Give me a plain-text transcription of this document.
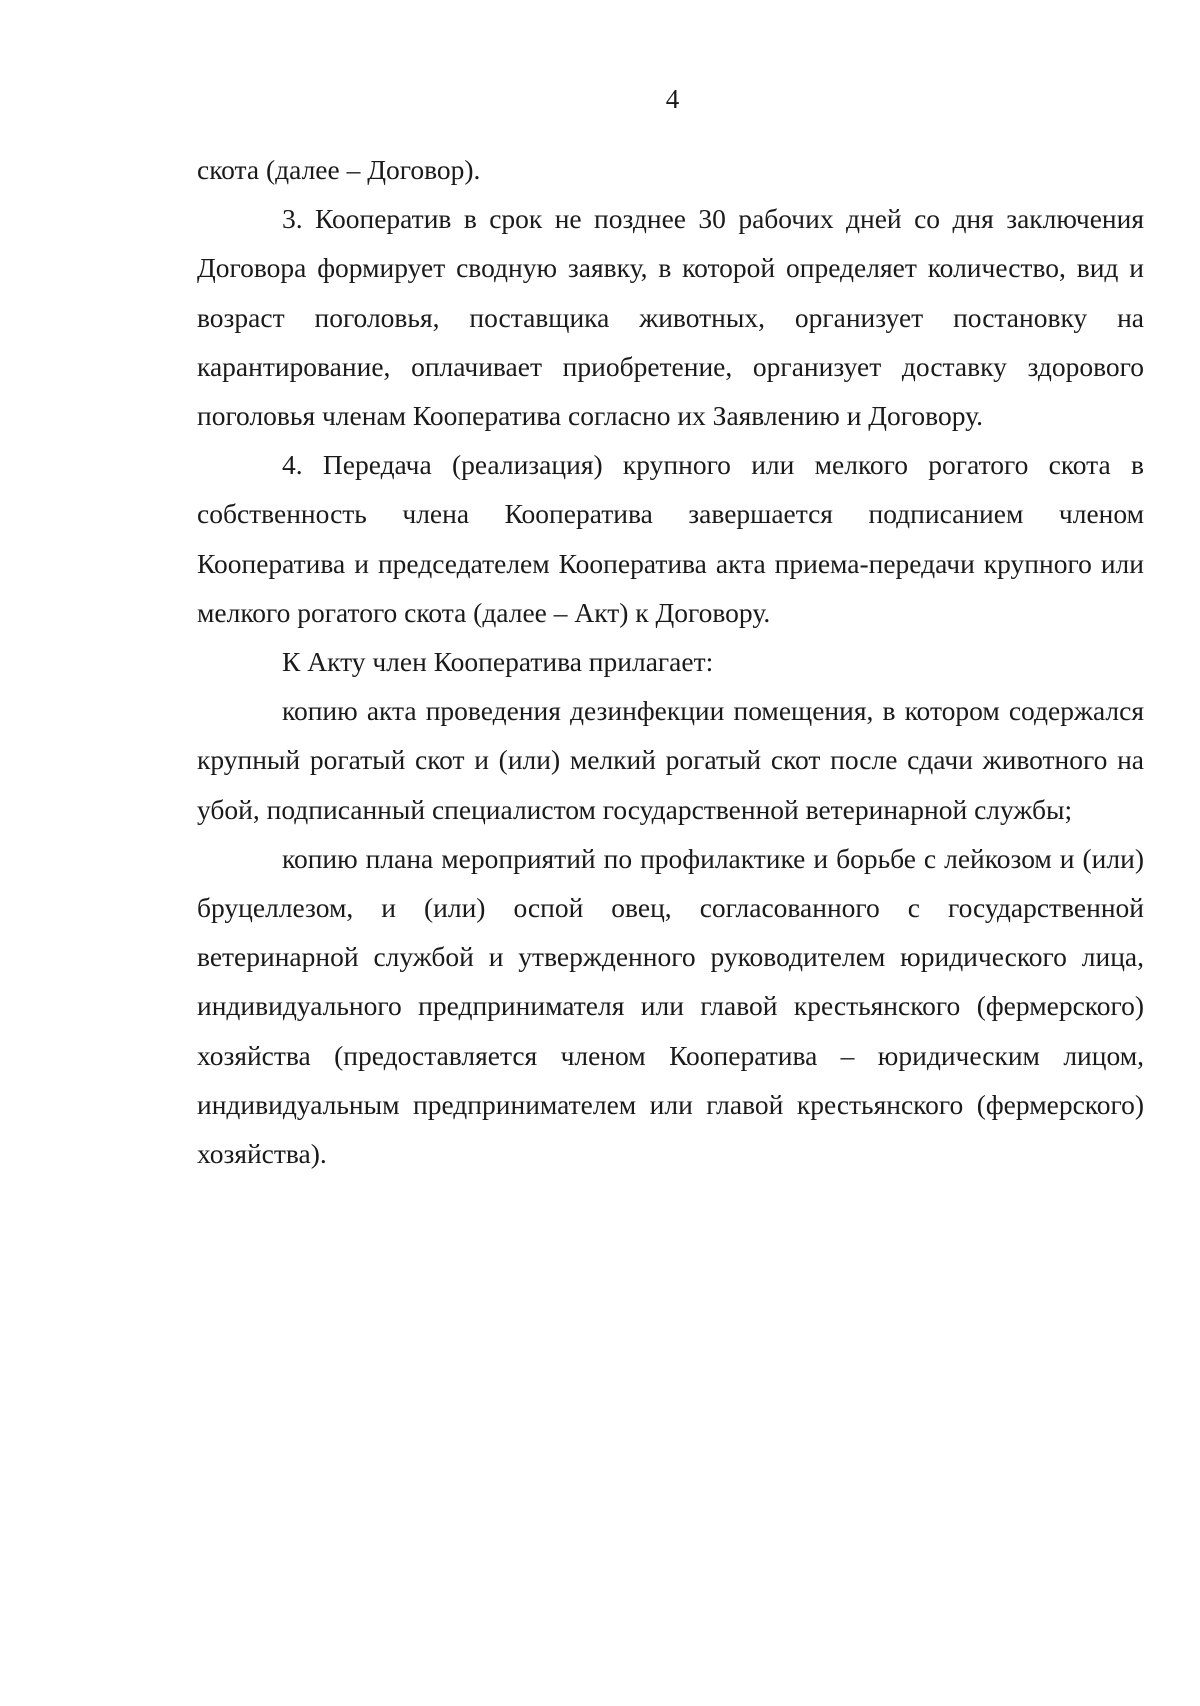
4

скота (далее – Договор).

3. Кооператив в срок не позднее 30 рабочих дней со дня заключения Договора формирует сводную заявку, в которой определяет количество, вид и возраст поголовья, поставщика животных, организует постановку на карантирование, оплачивает приобретение, организует доставку здорового поголовья членам Кооператива согласно их Заявлению и Договору.

4. Передача (реализация) крупного или мелкого рогатого скота в собственность члена Кооператива завершается подписанием членом Кооператива и председателем Кооператива акта приема-передачи крупного или мелкого рогатого скота (далее – Акт) к Договору.

К Акту член Кооператива прилагает:

копию акта проведения дезинфекции помещения, в котором содержался крупный рогатый скот и (или) мелкий рогатый скот после сдачи животного на убой, подписанный специалистом государственной ветеринарной службы;

копию плана мероприятий по профилактике и борьбе с лейкозом и (или) бруцеллезом, и (или) оспой овец, согласованного с государственной ветеринарной службой и утвержденного руководителем юридического лица, индивидуального предпринимателя или главой крестьянского (фермерского) хозяйства (предоставляется членом Кооператива – юридическим лицом, индивидуальным предпринимателем или главой крестьянского (фермерского) хозяйства).
